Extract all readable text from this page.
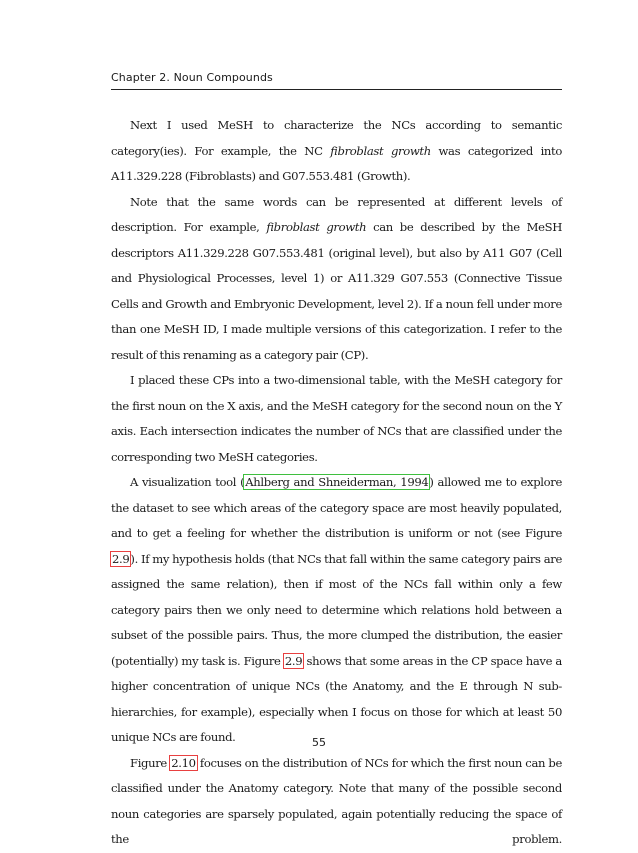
Chapter 2. Noun Compounds

Next I used MeSH to characterize the NCs according to semantic category(ies). For example, the NC fibroblast growth was categorized into A11.329.228 (Fibroblasts) and G07.553.481 (Growth).

Note that the same words can be represented at different levels of description. For example, fibroblast growth can be described by the MeSH descriptors A11.329.228 G07.553.481 (original level), but also by A11 G07 (Cell and Physiological Processes, level 1) or A11.329 G07.553 (Connective Tissue Cells and Growth and Embryonic Development, level 2). If a noun fell under more than one MeSH ID, I made multiple versions of this categorization. I refer to the result of this renaming as a category pair (CP).

I placed these CPs into a two-dimensional table, with the MeSH category for the first noun on the X axis, and the MeSH category for the second noun on the Y axis. Each intersection indicates the number of NCs that are classified under the corresponding two MeSH categories.

A visualization tool (Ahlberg and Shneiderman, 1994) allowed me to explore the dataset to see which areas of the category space are most heavily populated, and to get a feeling for whether the distribution is uniform or not (see Figure 2.9). If my hypothesis holds (that NCs that fall within the same category pairs are assigned the same relation), then if most of the NCs fall within only a few category pairs then we only need to determine which relations hold between a subset of the possible pairs. Thus, the more clumped the distribution, the easier (potentially) my task is. Figure 2.9 shows that some areas in the CP space have a higher concentration of unique NCs (the Anatomy, and the E through N sub-hierarchies, for example), especially when I focus on those for which at least 50 unique NCs are found.

Figure 2.10 focuses on the distribution of NCs for which the first noun can be classified under the Anatomy category. Note that many of the possible second noun categories are sparsely populated, again potentially reducing the space of the problem.

55
